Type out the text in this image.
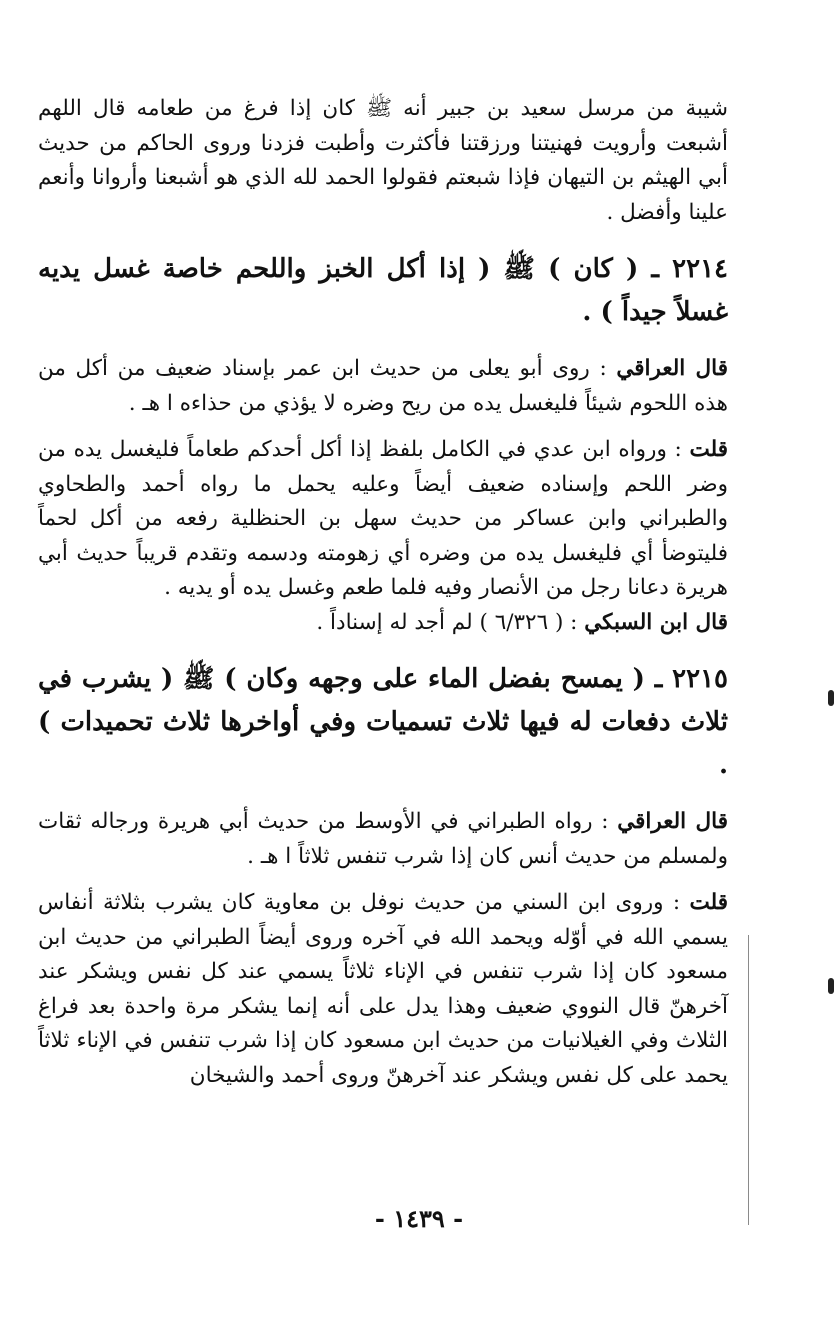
شيبة من مرسل سعيد بن جبير أنه ﷺ كان إذا فرغ من طعامه قال اللهم أشبعت وأرويت فهنيتنا ورزقتنا فأكثرت وأطبت فزدنا وروى الحاكم من حديث أبي الهيثم بن التيهان فإذا شبعتم فقولوا الحمد لله الذي هو أشبعنا وأروانا وأنعم علينا وأفضل .

٢٢١٤ ـ ( كان ) ﷺ ( إذا أكل الخبز واللحم خاصة غسل يديه غسلاً جيداً ) .

قال العراقي : روى أبو يعلى من حديث ابن عمر بإسناد ضعيف من أكل من هذه اللحوم شيئاً فليغسل يده من ريح وضره لا يؤذي من حذاءه ا هـ .

قلت : ورواه ابن عدي في الكامل بلفظ إذا أكل أحدكم طعاماً فليغسل يده من وضر اللحم وإسناده ضعيف أيضاً وعليه يحمل ما رواه أحمد والطحاوي والطبراني وابن عساكر من حديث سهل بن الحنظلية رفعه من أكل لحماً فليتوضأ أي فليغسل يده من وضره أي زهومته ودسمه وتقدم قريباً حديث أبي هريرة دعانا رجل من الأنصار وفيه فلما طعم وغسل يده أو يديه .

قال ابن السبكي : ( ٦/٣٢٦ ) لم أجد له إسناداً .

٢٢١٥ ـ ( يمسح بفضل الماء على وجهه وكان ) ﷺ ( يشرب في ثلاث دفعات له فيها ثلاث تسميات وفي أواخرها ثلاث تحميدات ) .

قال العراقي : رواه الطبراني في الأوسط من حديث أبي هريرة ورجاله ثقات ولمسلم من حديث أنس كان إذا شرب تنفس ثلاثاً ا هـ .

قلت : وروى ابن السني من حديث نوفل بن معاوية كان يشرب بثلاثة أنفاس يسمي الله في أوّله ويحمد الله في آخره وروى أيضاً الطبراني من حديث ابن مسعود كان إذا شرب تنفس في الإناء ثلاثاً يسمي عند كل نفس ويشكر عند آخرهنّ قال النووي ضعيف وهذا يدل على أنه إنما يشكر مرة واحدة بعد فراغ الثلاث وفي الغيلانيات من حديث ابن مسعود كان إذا شرب تنفس في الإناء ثلاثاً يحمد على كل نفس ويشكر عند آخرهنّ وروى أحمد والشيخان

- ١٤٣٩ -
